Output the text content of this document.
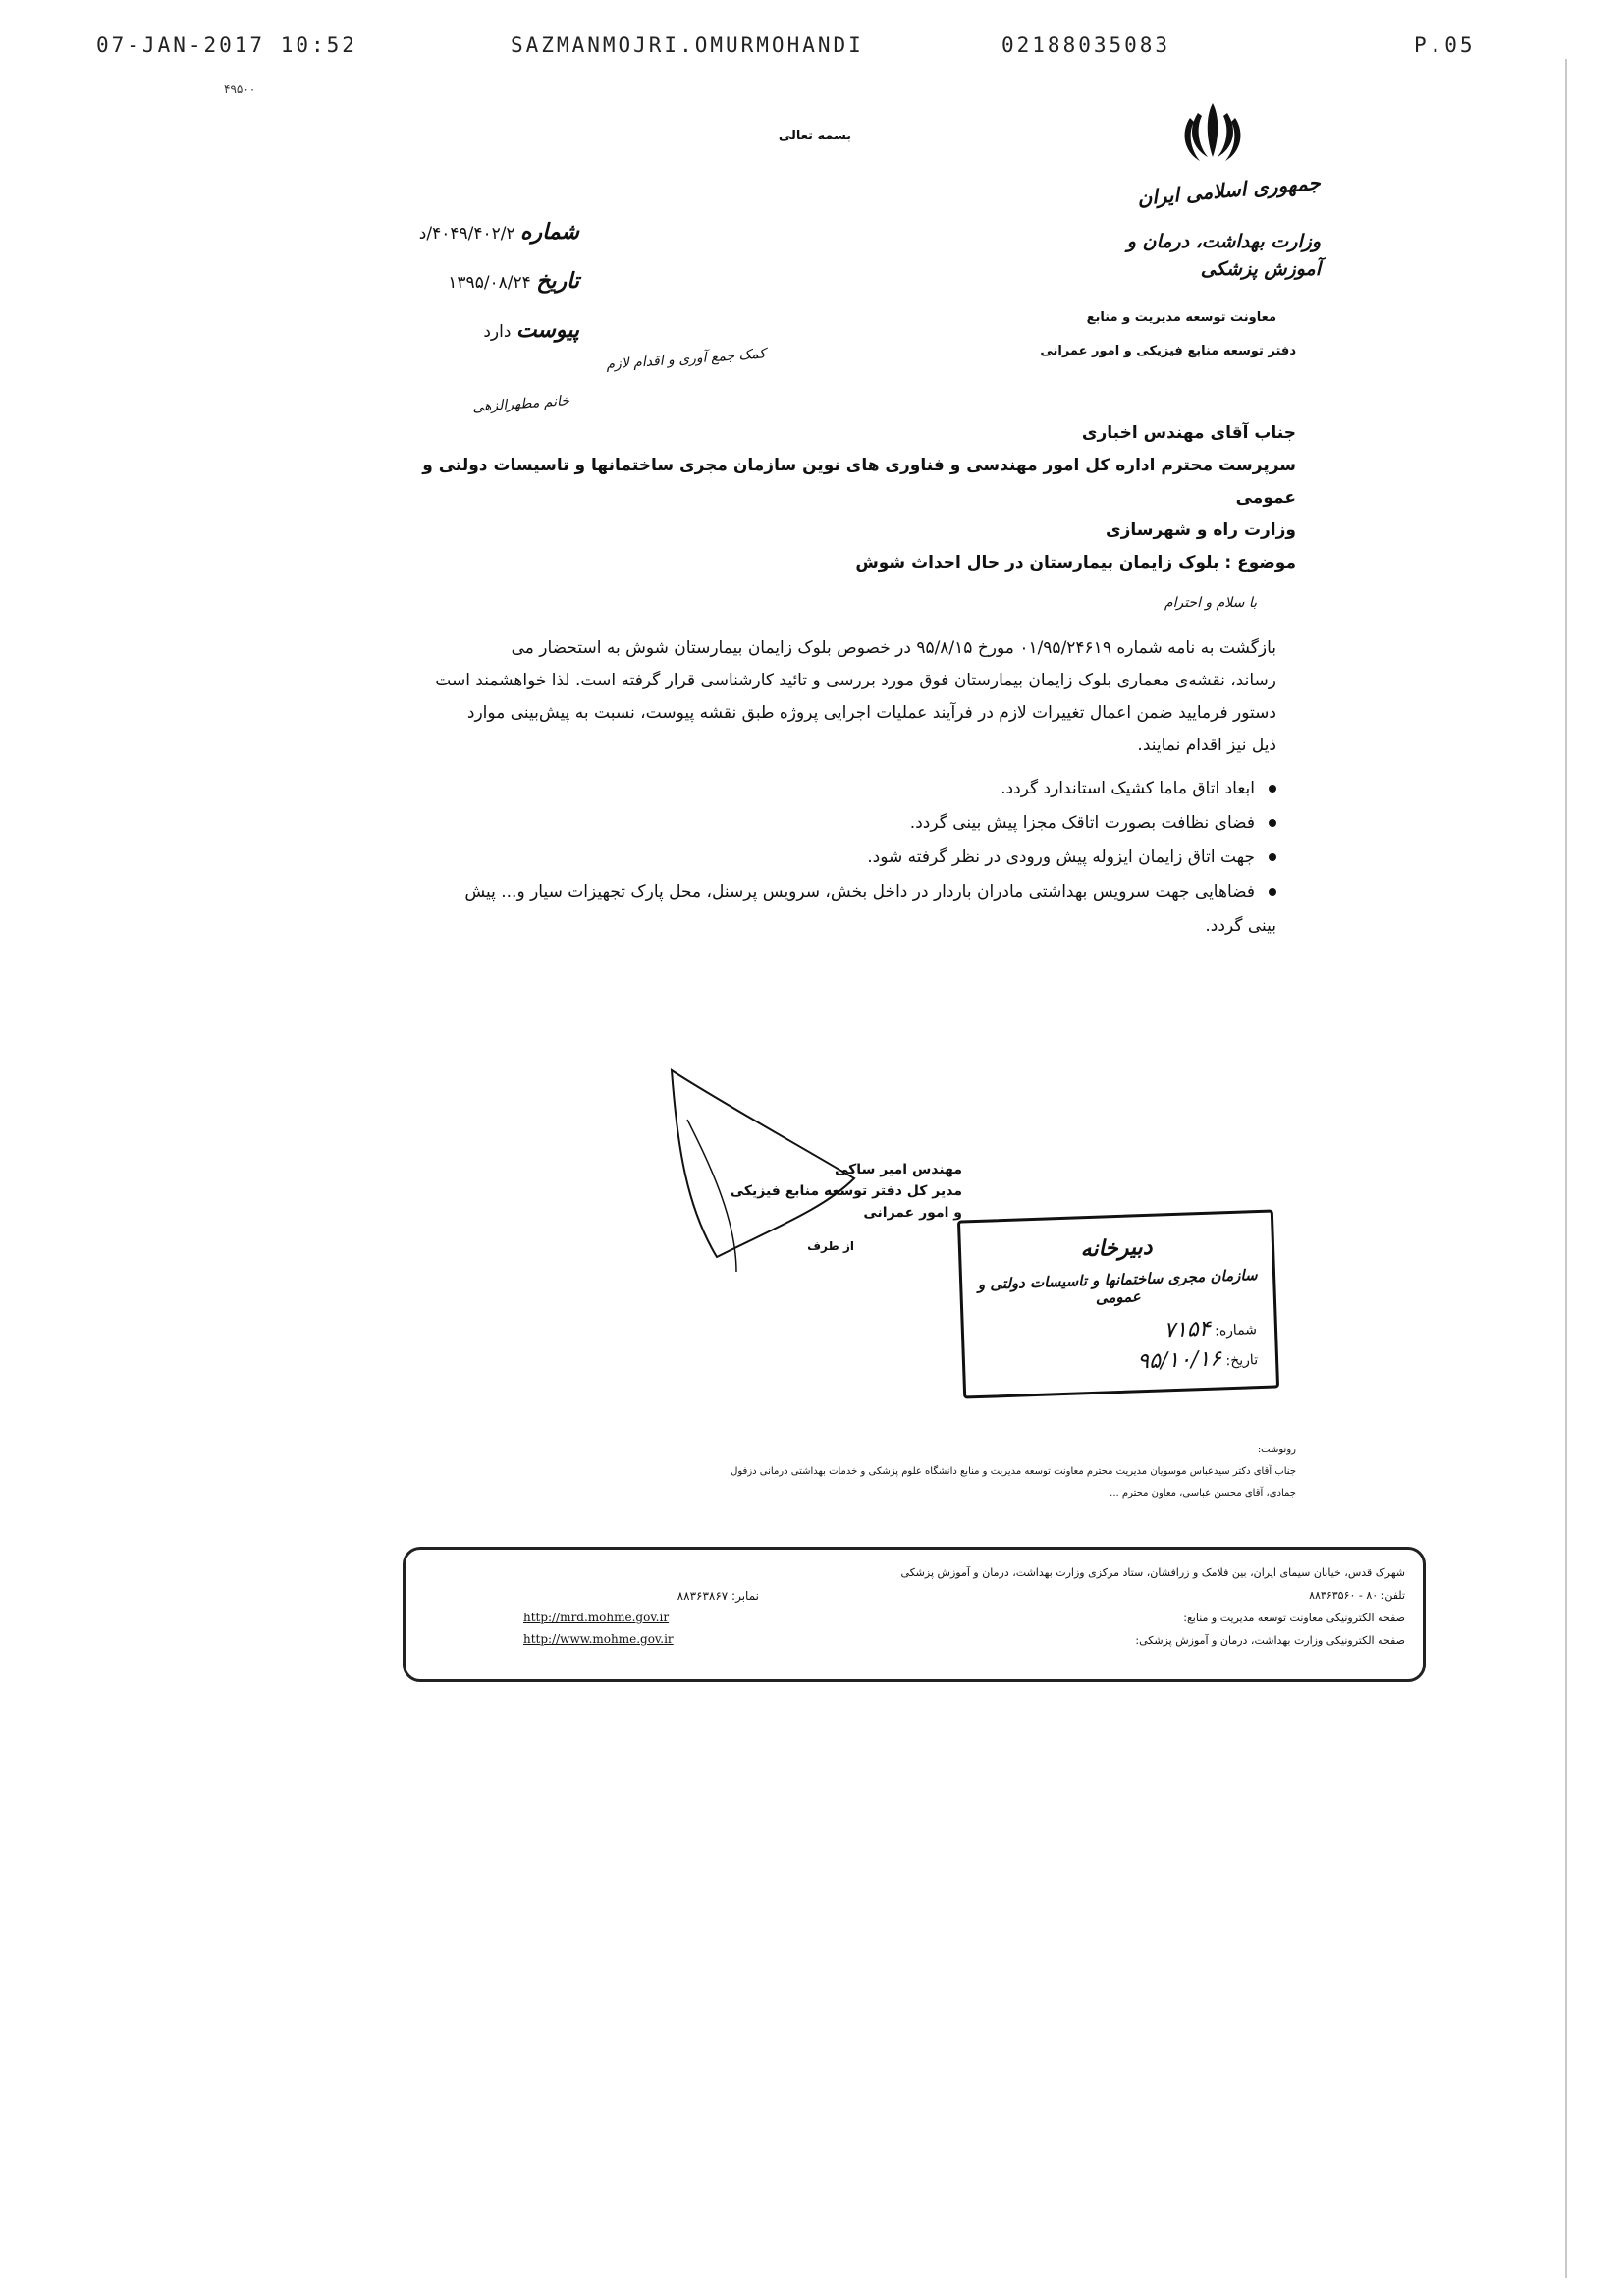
07-JAN-2017 10:52	SAZMANMOJRI.OMURMOHANDI	02188035083	P.05
۴۹۵۰۰
بسمه تعالی
جمهوری اسلامی ایران
وزارت بهداشت، درمان و آموزش پزشکی
معاونت توسعه مدیریت و منابع
دفتر توسعه منابع فیزیکی و امور عمرانی
شماره ۴۰۴۹/۴۰۲/۲/د
تاریخ ۱۳۹۵/۰۸/۲۴
پیوست دارد
کمک جمع آوری و اقدام لازم
خانم مطهرالزهی
جناب آقای مهندس اخباری
سرپرست محترم اداره کل امور مهندسی و فناوری های نوین سازمان مجری ساختمانها و تاسیسات دولتی و عمومی
وزارت راه و شهرسازی
موضوع : بلوک زایمان بیمارستان در حال احداث شوش
با سلام و احترام
بازگشت به نامه شماره ۰۱/۹۵/۲۴۶۱۹ مورخ ۹۵/۸/۱۵ در خصوص بلوک زایمان بیمارستان شوش به استحضار می
رساند، نقشه‌ی معماری بلوک زایمان بیمارستان فوق مورد بررسی و تائید کارشناسی قرار گرفته است. لذا خواهشمند است
دستور فرمایید ضمن اعمال تغییرات لازم در فرآیند عملیات اجرایی پروژه طبق نقشه پیوست، نسبت به پیش‌بینی موارد
ذیل نیز اقدام نمایند.
ابعاد اتاق ماما کشیک استاندارد گردد.
فضای نظافت بصورت اتاقک مجزا پیش بینی گردد.
جهت اتاق زایمان ایزوله پیش ورودی در نظر گرفته شود.
فضاهایی جهت سرویس بهداشتی مادران باردار در داخل بخش، سرویس پرسنل، محل پارک تجهیزات سیار و... پیش
بینی گردد.
مهندس امیر ساکی
مدیر کل دفتر توسعه منابع فیزیکی
و امور عمرانی
از طرف	دبیرخانه
سازمان مجری ساختمانها و تاسیسات دولتی و عمومی
شماره: ۷۱۵۴
تاریخ: ۹۵/۱۰/۱۶
رونوشت:
جناب آقای دکتر سیدعباس موسویان مدیریت محترم معاونت توسعه مدیریت و منابع دانشگاه علوم پزشکی و خدمات بهداشتی درمانی دزفول
جمادی، آقای محسن عباسی، معاون محترم ...
شهرک قدس، خیابان سیمای ایران، بین فلامک و زرافشان، ستاد مرکزی وزارت بهداشت، درمان و آموزش پزشکی
تلفن: ۸۰ - ۸۸۳۶۳۵۶۰
صفحه الکترونیکی معاونت توسعه مدیریت و منابع:
صفحه الکترونیکی وزارت بهداشت، درمان و آموزش پزشکی:
نمابر: ۸۸۳۶۳۸۶۷
http://mrd.mohme.gov.ir
http://www.mohme.gov.ir
